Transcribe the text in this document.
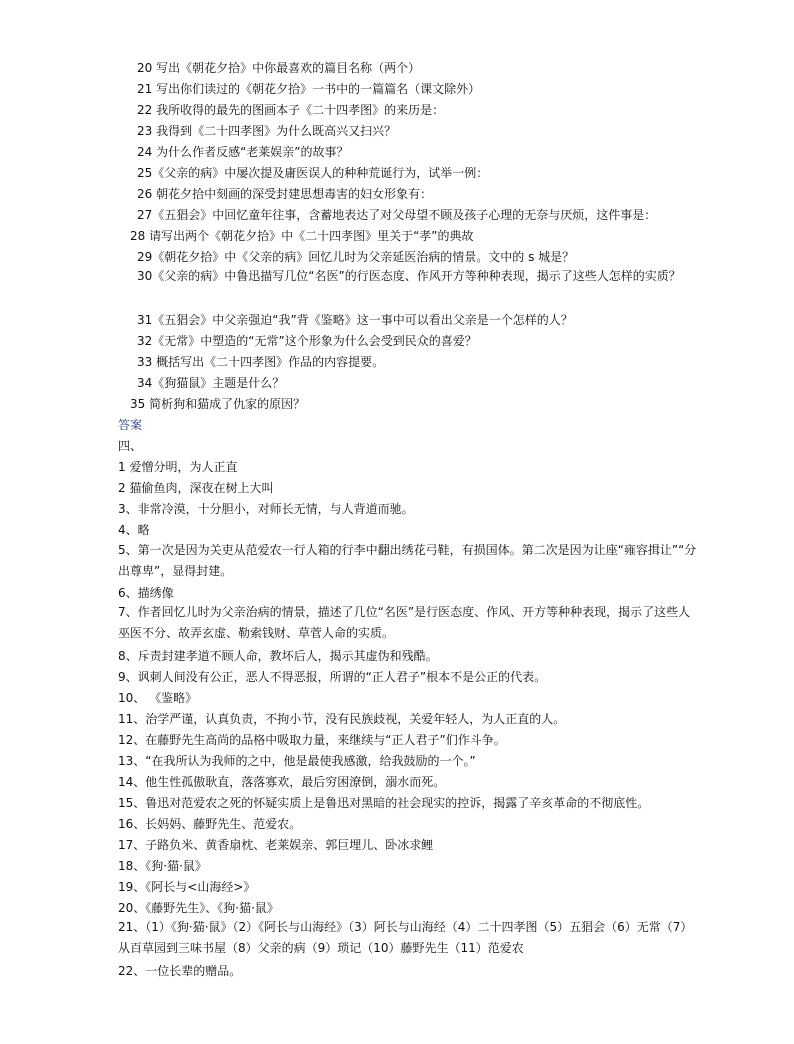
20 写出《朝花夕拾》中你最喜欢的篇目名称（两个）
21 写出你们读过的《朝花夕拾》一书中的一篇篇名（课文除外）
22 我所收得的最先的图画本子《二十四孝图》的来历是：
23 我得到《二十四孝图》为什么既高兴又扫兴？
24 为什么作者反感“老莱娱亲”的故事？
25《父亲的病》中屡次提及庸医误人的种种荒诞行为，试举一例：
26 朝花夕拾中刻画的深受封建思想毒害的妇女形象有：
27《五猖会》中回忆童年往事，含蓄地表达了对父母望不顾及孩子心理的无奈与厌烦，这件事是：
28 请写出两个《朝花夕拾》中《二十四孝图》里关于“孝”的典故
29《朝花夕拾》中《父亲的病》回忆儿时为父亲延医治病的情景。文中的 s 城是？
30《父亲的病》中鲁迅描写几位“名医”的行医态度、作风开方等种种表现，揭示了这些人怎样的实质？
31《五猖会》中父亲强迫“我”背《鉴略》这一事中可以看出父亲是一个怎样的人？
32《无常》中塑造的“无常”这个形象为什么会受到民众的喜爱？
33 概括写出《二十四孝图》作品的内容提要。
34《狗猫鼠》主题是什么？
35 简析狗和猫成了仇家的原因？
答案
四、
1 爱憎分明，为人正直
2 猫偷鱼肉，深夜在树上大叫
3、非常冷漠，十分胆小，对师长无情，与人背道而驰。
4、略
5、第一次是因为关吏从范爱农一行人箱的行李中翻出绣花弓鞋，有损国体。第二次是因为让座“雍容揖让”“分出尊卑”，显得封建。
6、描绣像
7、作者回忆儿时为父亲治病的情景，描述了几位“名医”是行医态度、作风、开方等种种表现，揭示了这些人巫医不分、故弄玄虚、勒索钱财、草菅人命的实质。
8、斥责封建孝道不顾人命，教坏后人，揭示其虚伪和残酷。
9、讽刺人间没有公正，恶人不得恶报，所谓的“正人君子”根本不是公正的代表。
10、 《鉴略》
11、治学严谨，认真负责，不拘小节，没有民族歧视，关爱年轻人，为人正直的人。
12、在藤野先生高尚的品格中吸取力量，来继续与“正人君子”们作斗争。
13、“在我所认为我师的之中，他是最使我感激，给我鼓励的一个。”
14、他生性孤傲耿直，落落寡欢，最后穷困潦倒，溺水而死。
15、鲁迅对范爱农之死的怀疑实质上是鲁迅对黑暗的社会现实的控诉，揭露了辛亥革命的不彻底性。
16、长妈妈、藤野先生、范爱农。
17、子路负米、黄香扇枕、老莱娱亲、郭巨埋儿、卧冰求鲤
18、《狗·猫·鼠》
19、《阿长与<山海经>》
20、《藤野先生》、《狗·猫·鼠》
21、（1）《狗·猫·鼠》（2）《阿长与山海经》（3）阿长与山海经（4）二十四孝图（5）五猖会（6）无常（7）从百草园到三味书屋（8）父亲的病（9）琐记（10）藤野先生（11）范爱农
22、一位长辈的赠品。
